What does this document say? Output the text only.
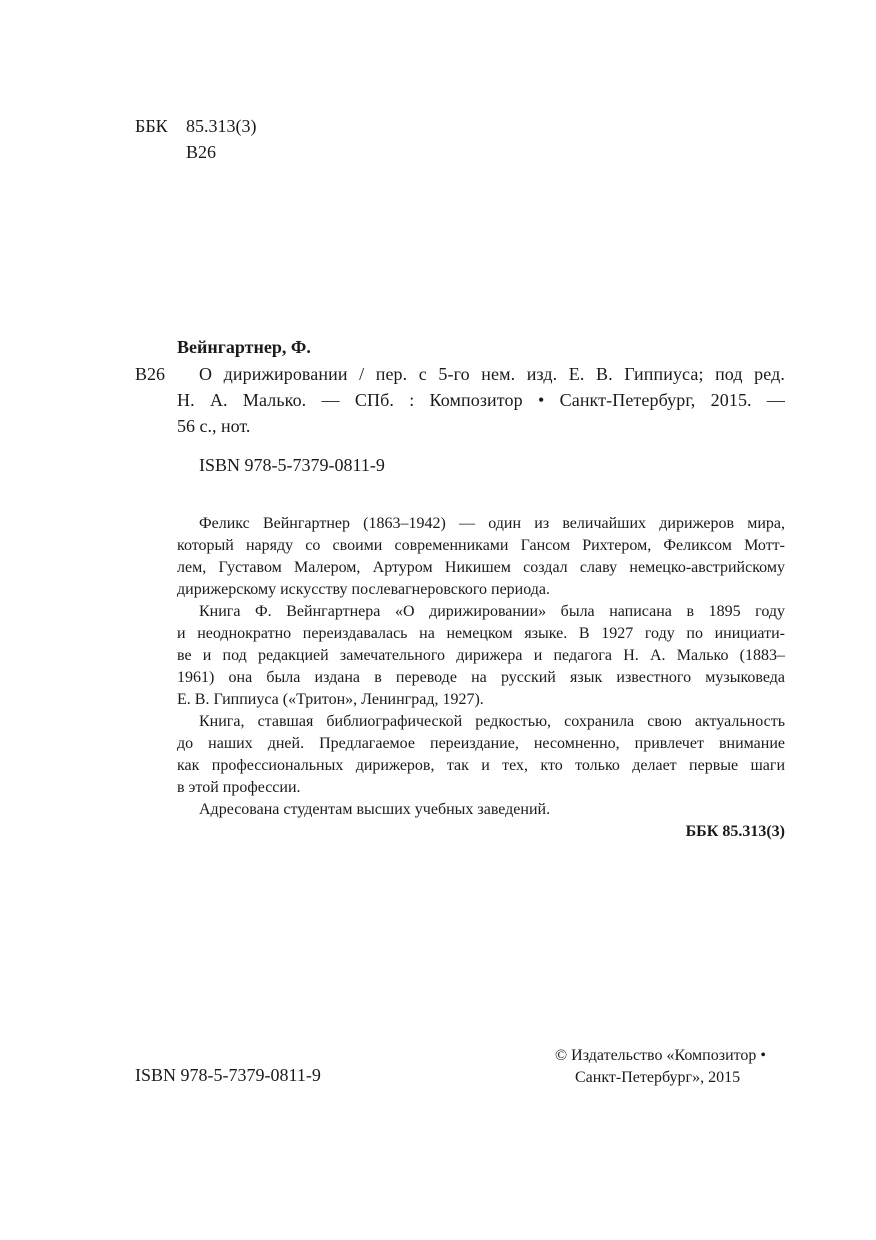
ББК 85.313(3)
В26
Вейнгартнер, Ф.
В26 О дирижировании / пер. с 5-го нем. изд. Е. В. Гиппиуса; под ред.
Н. А. Малько. — СПб. : Композитор • Санкт-Петербург, 2015. —
56 с., нот.
ISBN 978-5-7379-0811-9
Феликс Вейнгартнер (1863–1942) — один из величайших дирижеров мира,
который наряду со своими современниками Гансом Рихтером, Феликсом Мотт-
лем, Густавом Малером, Артуром Никишем создал славу немецко-австрийскому
дирижерскому искусству послевагнеровского периода.
Книга Ф. Вейнгартнера «О дирижировании» была написана в 1895 году
и неоднократно переиздавалась на немецком языке. В 1927 году по инициати-
ве и под редакцией замечательного дирижера и педагога Н. А. Малько (1883–
1961) она была издана в переводе на русский язык известного музыковеда
Е. В. Гиппиуса («Тритон», Ленинград, 1927).
Книга, ставшая библиографической редкостью, сохранила свою актуальность
до наших дней. Предлагаемое переиздание, несомненно, привлечет внимание
как профессиональных дирижеров, так и тех, кто только делает первые шаги
в этой профессии.
Адресована студентам высших учебных заведений.
ББК 85.313(3)
ISBN 978-5-7379-0811-9
© Издательство «Композитор •
Санкт-Петербург», 2015
